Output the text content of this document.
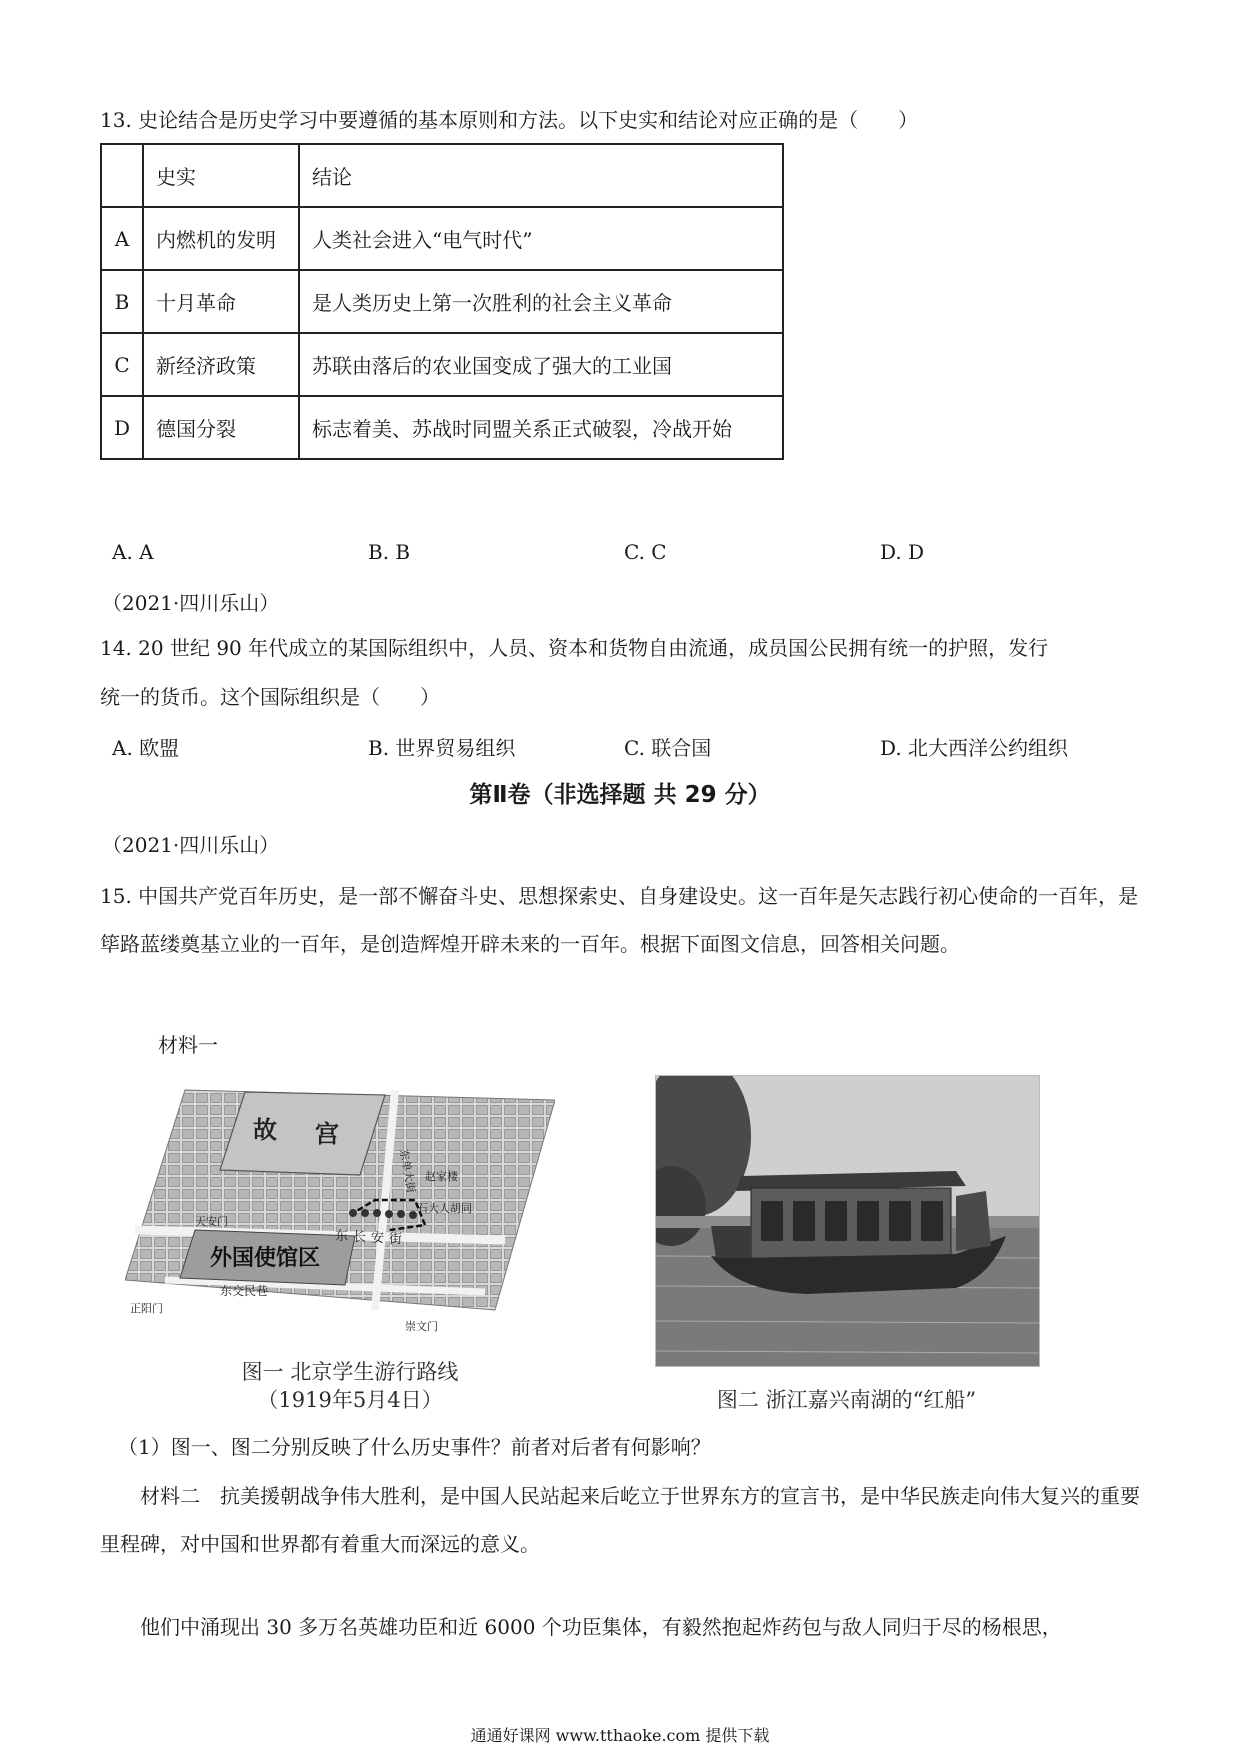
13. 史论结合是历史学习中要遵循的基本原则和方法。以下史实和结论对应正确的是（　　）
	史实	结论
A	内燃机的发明	人类社会进入“电气时代”
B	十月革命	是人类历史上第一次胜利的社会主义革命
C	新经济政策	苏联由落后的农业国变成了强大的工业国
D	德国分裂	标志着美、苏战时同盟关系正式破裂，冷战开始
A. A	B. B	C. C	D. D
（2021·四川乐山）
14. 20 世纪 90 年代成立的某国际组织中，人员、资本和货物自由流通，成员国公民拥有统一的护照，发行
统一的货币。这个国际组织是（　　）
A. 欧盟	B. 世界贸易组织	C. 联合国	D. 北大西洋公约组织
第Ⅱ卷（非选择题 共 29 分）
（2021·四川乐山）
15. 中国共产党百年历史，是一部不懈奋斗史、思想探索史、自身建设史。这一百年是矢志践行初心使命的一百年，是筚路蓝缕奠基立业的一百年，是创造辉煌开辟未来的一百年。根据下面图文信息，回答相关问题。
材料一
故 宫
东 长 安 街
天安门
外国使馆区
东交民巷
正阳门
崇文门
东单大街
石大人胡同
赵家楼
图一 北京学生游行路线
（1919年5月4日）	图二 浙江嘉兴南湖的“红船”
（1）图一、图二分别反映了什么历史事件？前者对后者有何影响？
材料二　抗美援朝战争伟大胜利，是中国人民站起来后屹立于世界东方的宣言书，是中华民族走向伟大复兴的重要里程碑，对中国和世界都有着重大而深远的意义。
他们中涌现出 30 多万名英雄功臣和近 6000 个功臣集体，有毅然抱起炸药包与敌人同归于尽的杨根思，
通通好课网 www.tthaoke.com 提供下载
